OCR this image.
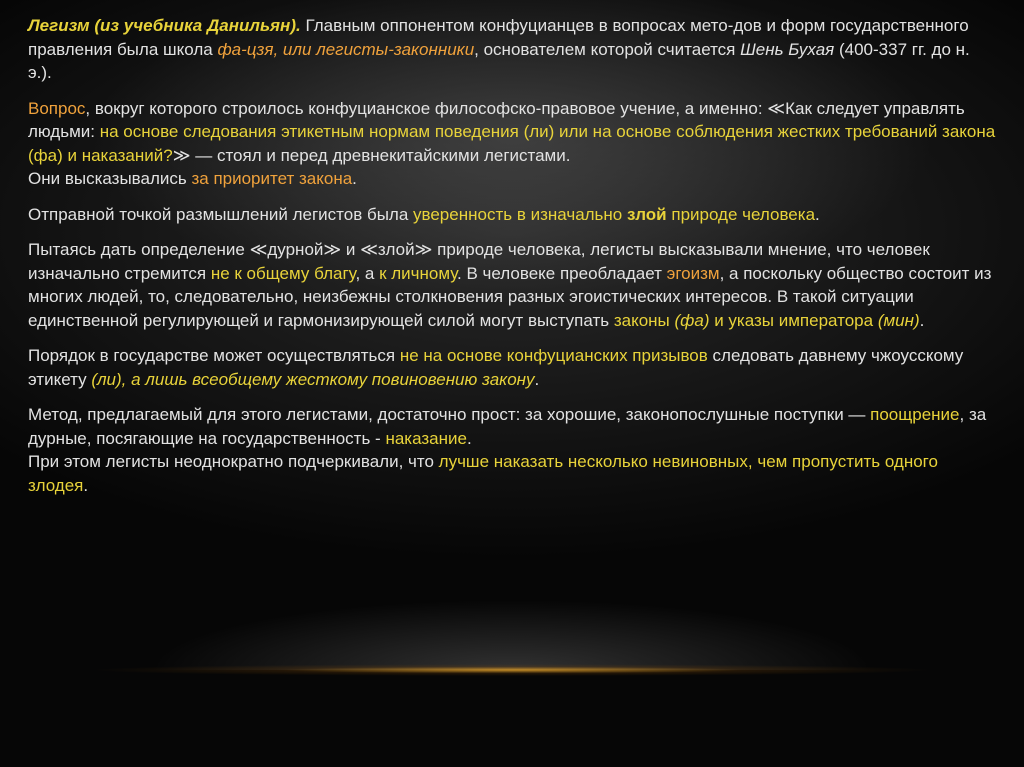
Легизм (из учебника Данильян). Главным оппонентом конфуцианцев в вопросах мето-дов и форм государственного правления была школа фа-цзя, или легисты-законники, основателем которой считается Шень Бухая (400-337 гг. до н. э.).

Вопрос, вокруг которого строилось конфуцианское философско-правовое учение, а именно: ≪Как следует управлять людьми: на основе следования этикетным нормам поведения (ли) или на основе соблюдения жестких требований закона (фа) и наказаний?≫ — стоял и перед древнекитайскими легистами.
Они высказывались за приоритет закона.

Отправной точкой размышлений легистов была уверенность в изначально злой природе человека.

Пытаясь дать определение ≪дурной≫ и ≪злой≫ природе человека, легисты высказывали мнение, что человек изначально стремится не к общему благу, а к личному. В человеке преобладает эгоизм, а поскольку общество состоит из многих людей, то, следовательно, неизбежны столкновения разных эгоистических интересов. В такой ситуации единственной регулирующей и гармонизирующей силой могут выступать законы (фа) и указы императора (мин).

Порядок в государстве может осуществляться не на основе конфуцианских призывов следовать давнему чжоусскому этикету (ли), а лишь всеобщему жесткому повиновению закону.

Метод, предлагаемый для этого легистами, достаточно прост: за хорошие, законопослушные поступки — поощрение, за дурные, посягающие на государственность - наказание.
При этом легисты неоднократно подчеркивали, что лучше наказать несколько невиновных, чем пропустить одного злодея.
